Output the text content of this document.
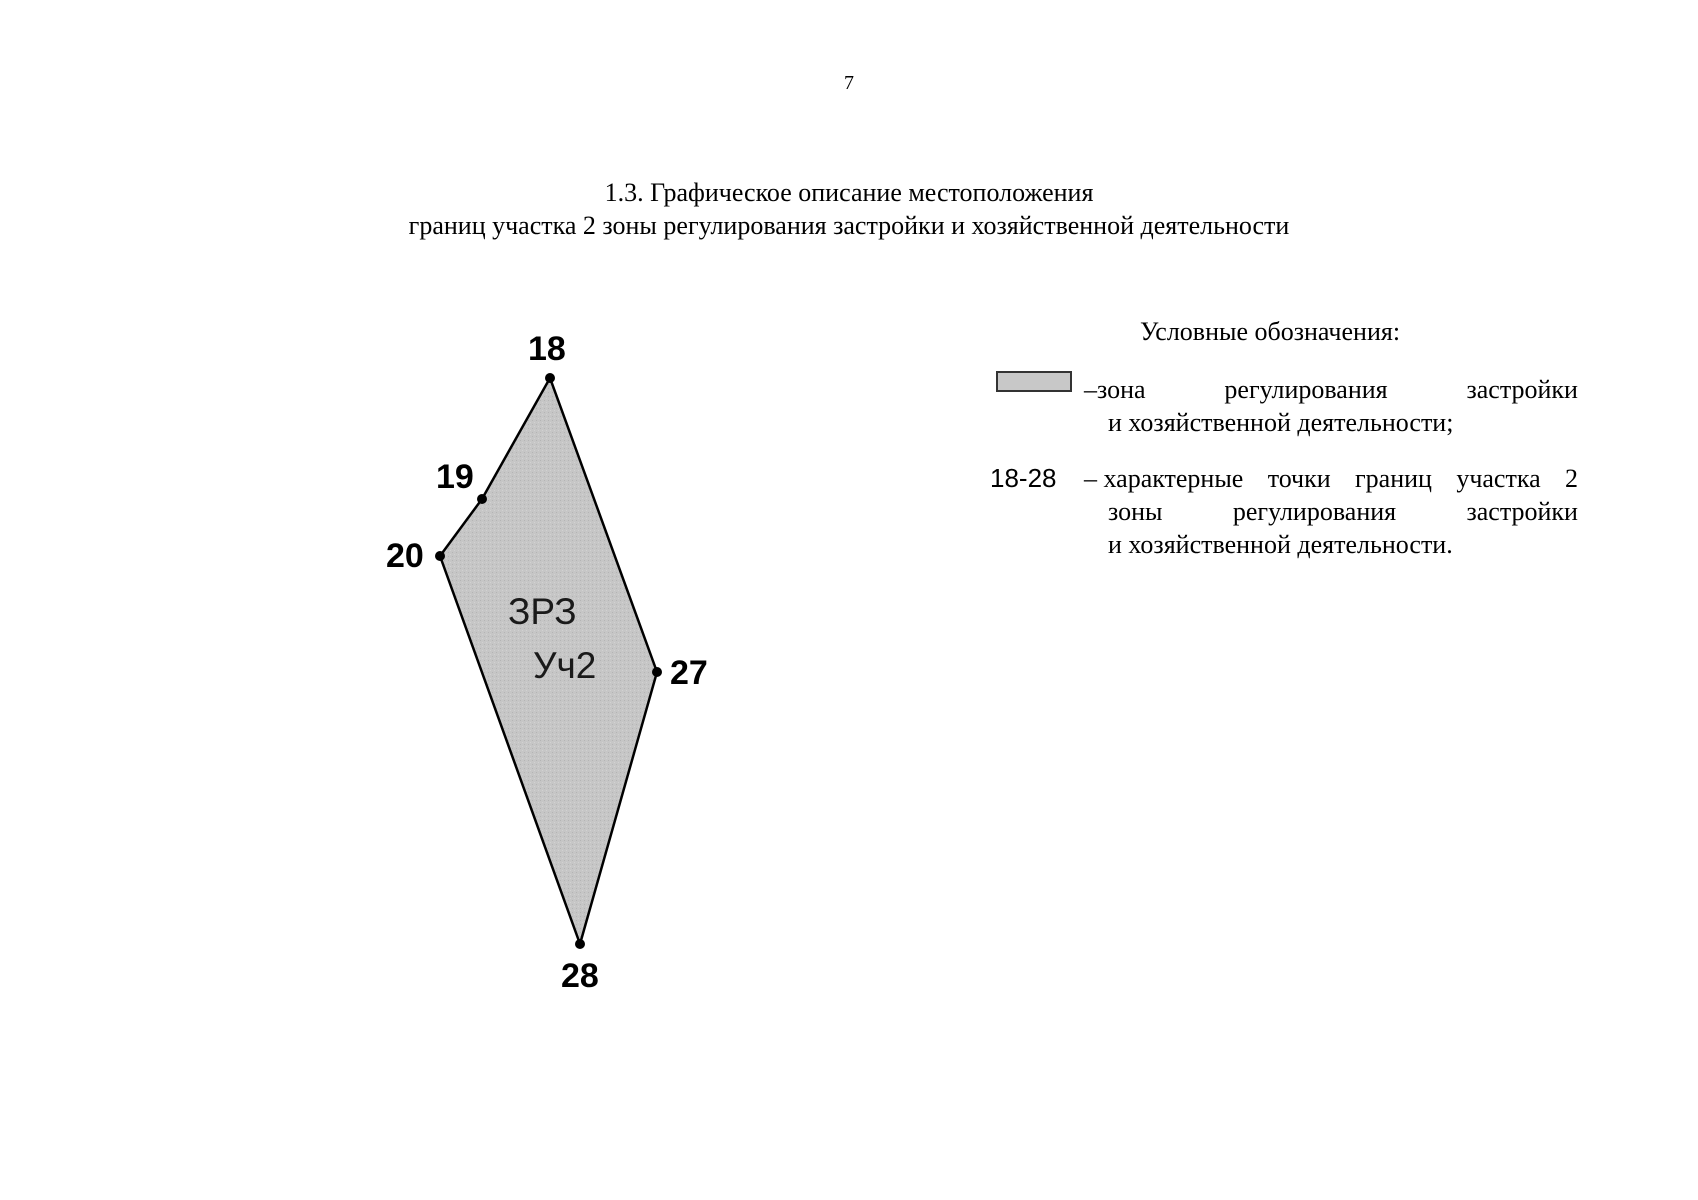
7
1.3. Графическое описание местоположения
границ участка 2 зоны регулирования застройки и хозяйственной деятельности
18
19
20
27
28
ЗРЗ
Уч2
Условные обозначения:
–зона	регулирования	застройки
и хозяйственной деятельности;
18-28 – характерные точки границ участка 2
зоны	регулирования	застройки
и хозяйственной деятельности.
